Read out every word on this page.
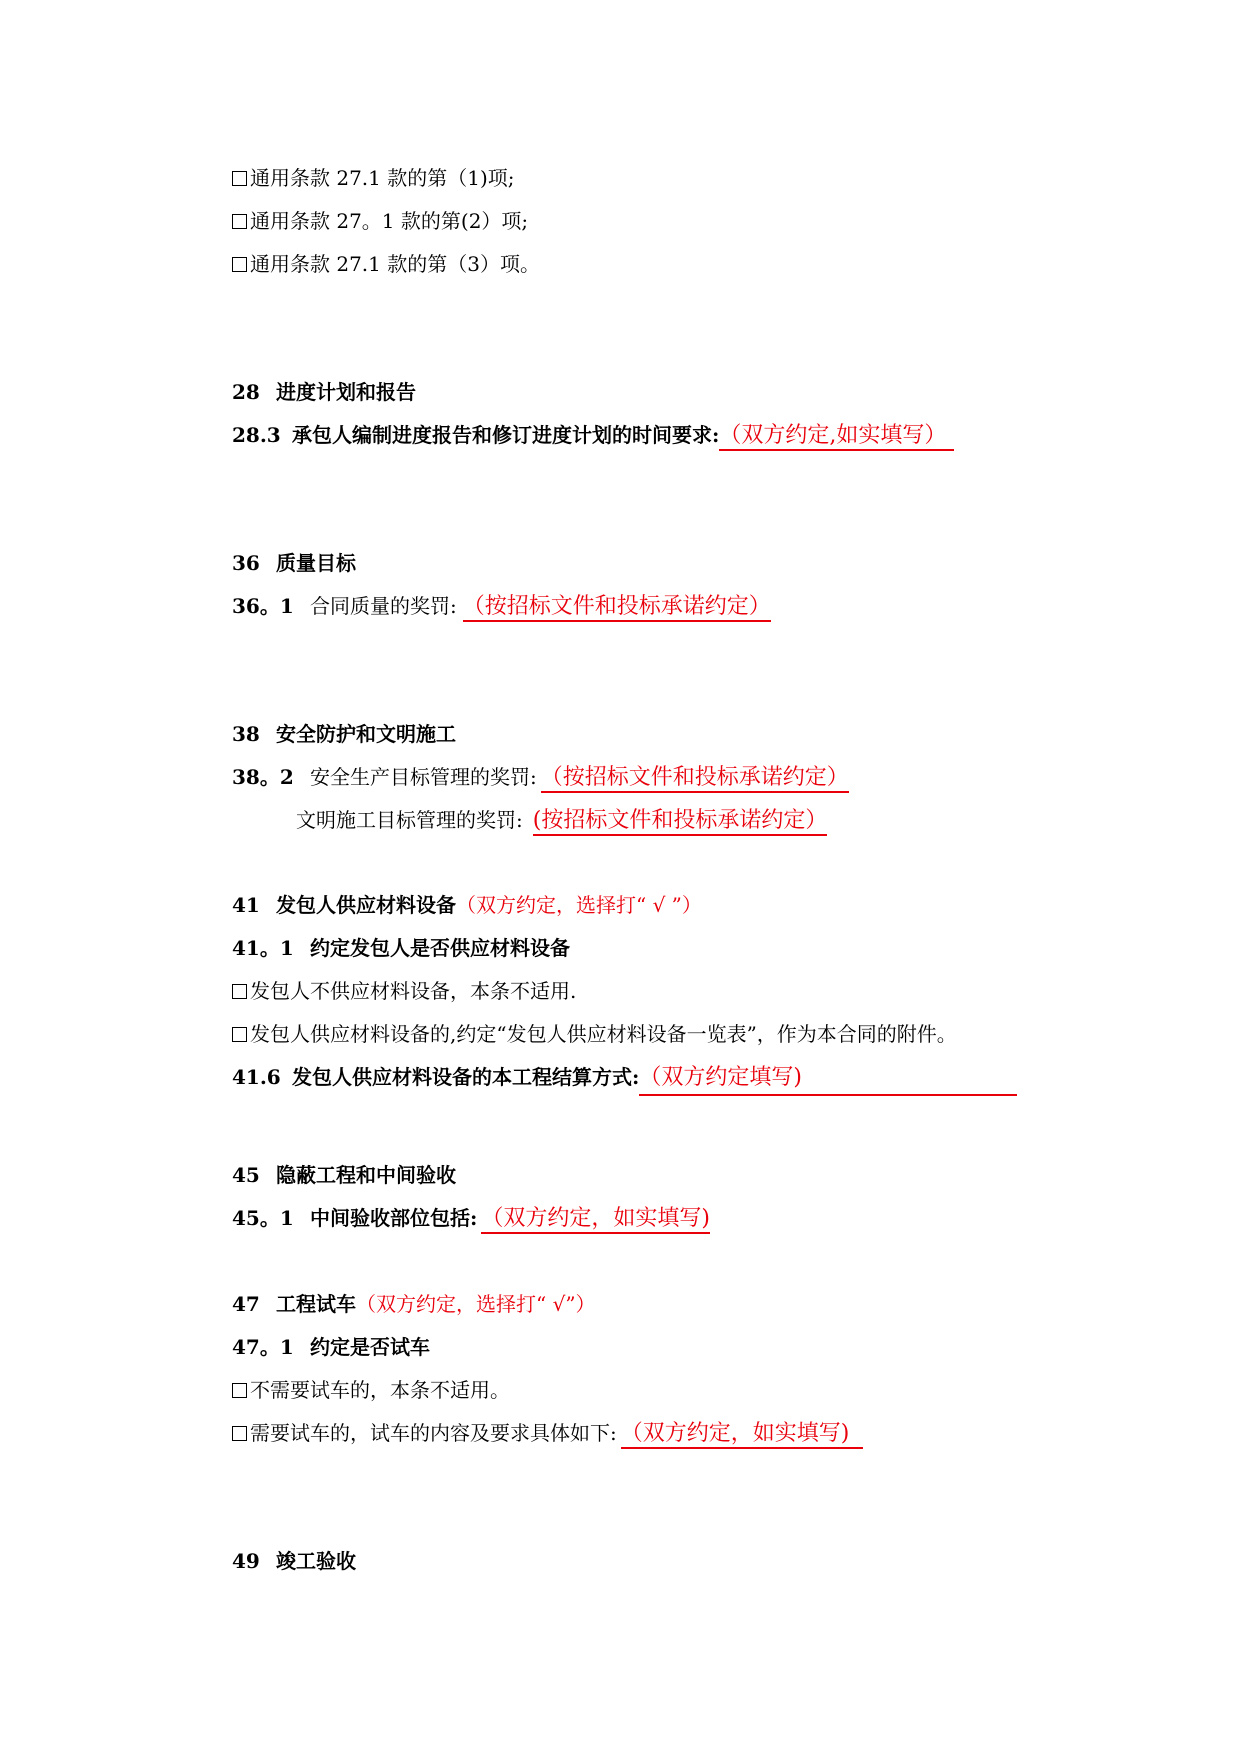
通用条款 27.1 款的第（1)项;
通用条款 27。1 款的第(2）项;
通用条款 27.1 款的第（3）项。
28 进度计划和报告
28.3 承包人编制进度报告和修订进度计划的时间要求:（双方约定,如实填写）
36 质量目标
36。1 合同质量的奖罚: （按招标文件和投标承诺约定）
38 安全防护和文明施工
38。2 安全生产目标管理的奖罚: （按招标文件和投标承诺约定）
文明施工目标管理的奖罚: (按招标文件和投标承诺约定）
41 发包人供应材料设备（双方约定，选择打“ √ ”）
41。1 约定发包人是否供应材料设备
发包人不供应材料设备，本条不适用.
发包人供应材料设备的,约定“发包人供应材料设备一览表”，作为本合同的附件。
41.6 发包人供应材料设备的本工程结算方式:（双方约定填写)
45 隐蔽工程和中间验收
45。1 中间验收部位包括: （双方约定，如实填写)
47 工程试车（双方约定，选择打“ √”）
47。1 约定是否试车
不需要试车的，本条不适用。
需要试车的，试车的内容及要求具体如下: （双方约定，如实填写)
49 竣工验收
